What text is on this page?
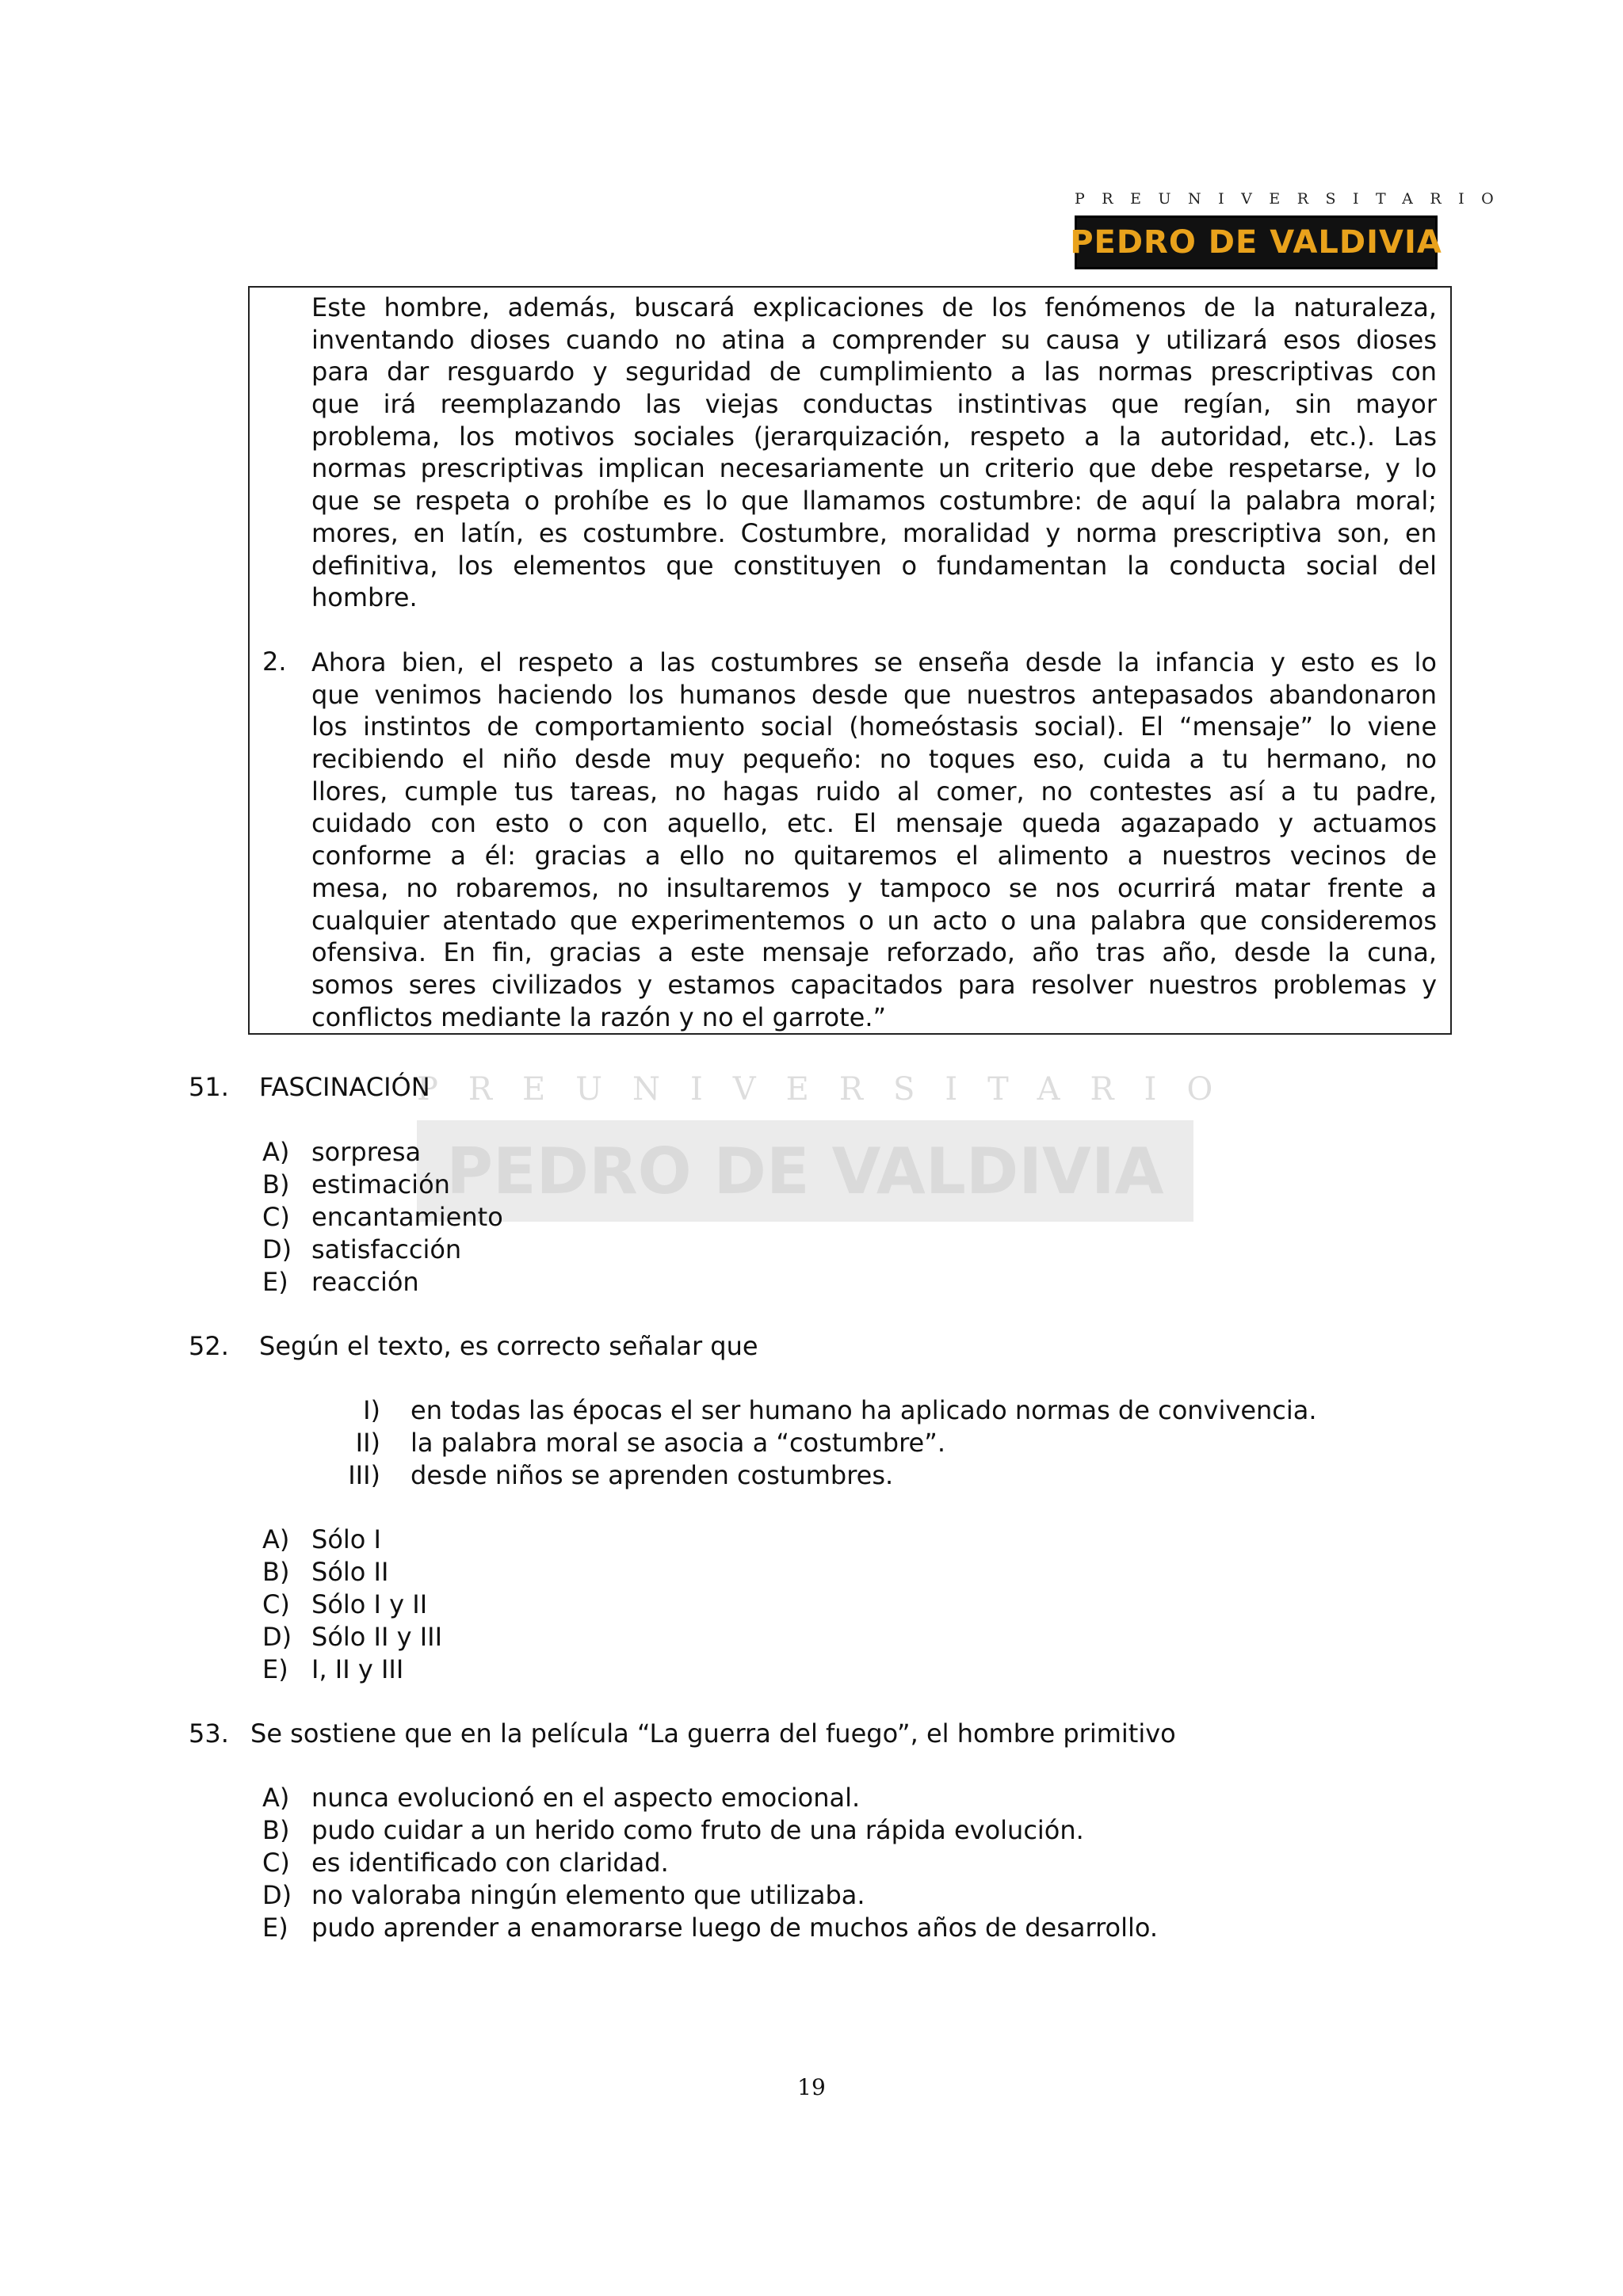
PREUNIVERSITARIO
PEDRO DE VALDIVIA
Este hombre, además, buscará explicaciones de los fenómenos de la naturaleza,
inventando dioses cuando no atina a comprender su causa y utilizará esos dioses
para dar resguardo y seguridad de cumplimiento a las normas prescriptivas con
que irá reemplazando las viejas conductas instintivas que regían, sin mayor
problema, los motivos sociales (jerarquización, respeto a la autoridad, etc.). Las
normas prescriptivas implican necesariamente un criterio que debe respetarse, y lo
que se respeta o prohíbe es lo que llamamos costumbre: de aquí la palabra moral;
mores, en latín, es costumbre. Costumbre, moralidad y norma prescriptiva son, en
definitiva, los elementos que constituyen o fundamentan la conducta social del
hombre.
2. Ahora bien, el respeto a las costumbres se enseña desde la infancia y esto es lo
que venimos haciendo los humanos desde que nuestros antepasados abandonaron
los instintos de comportamiento social (homeóstasis social). El “mensaje” lo viene
recibiendo el niño desde muy pequeño: no toques eso, cuida a tu hermano, no
llores, cumple tus tareas, no hagas ruido al comer, no contestes así a tu padre,
cuidado con esto o con aquello, etc. El mensaje queda agazapado y actuamos
conforme a él: gracias a ello no quitaremos el alimento a nuestros vecinos de
mesa, no robaremos, no insultaremos y tampoco se nos ocurrirá matar frente a
cualquier atentado que experimentemos o un acto o una palabra que consideremos
ofensiva. En fin, gracias a este mensaje reforzado, año tras año, desde la cuna,
somos seres civilizados y estamos capacitados para resolver nuestros problemas y
conflictos mediante la razón y no el garrote.”
PREUNIVERSITARIO
PEDRO DE VALDIVIA
51. FASCINACIÓN
A) sorpresa
B) estimación
C) encantamiento
D) satisfacción
E) reacción
52. Según el texto, es correcto señalar que
I) en todas las épocas el ser humano ha aplicado normas de convivencia.
II) la palabra moral se asocia a “costumbre”.
III) desde niños se aprenden costumbres.
A) Sólo I
B) Sólo II
C) Sólo I y II
D) Sólo II y III
E) I, II y III
53. Se sostiene que en la película “La guerra del fuego”, el hombre primitivo
A) nunca evolucionó en el aspecto emocional.
B) pudo cuidar a un herido como fruto de una rápida evolución.
C) es identificado con claridad.
D) no valoraba ningún elemento que utilizaba.
E) pudo aprender a enamorarse luego de muchos años de desarrollo.
19
